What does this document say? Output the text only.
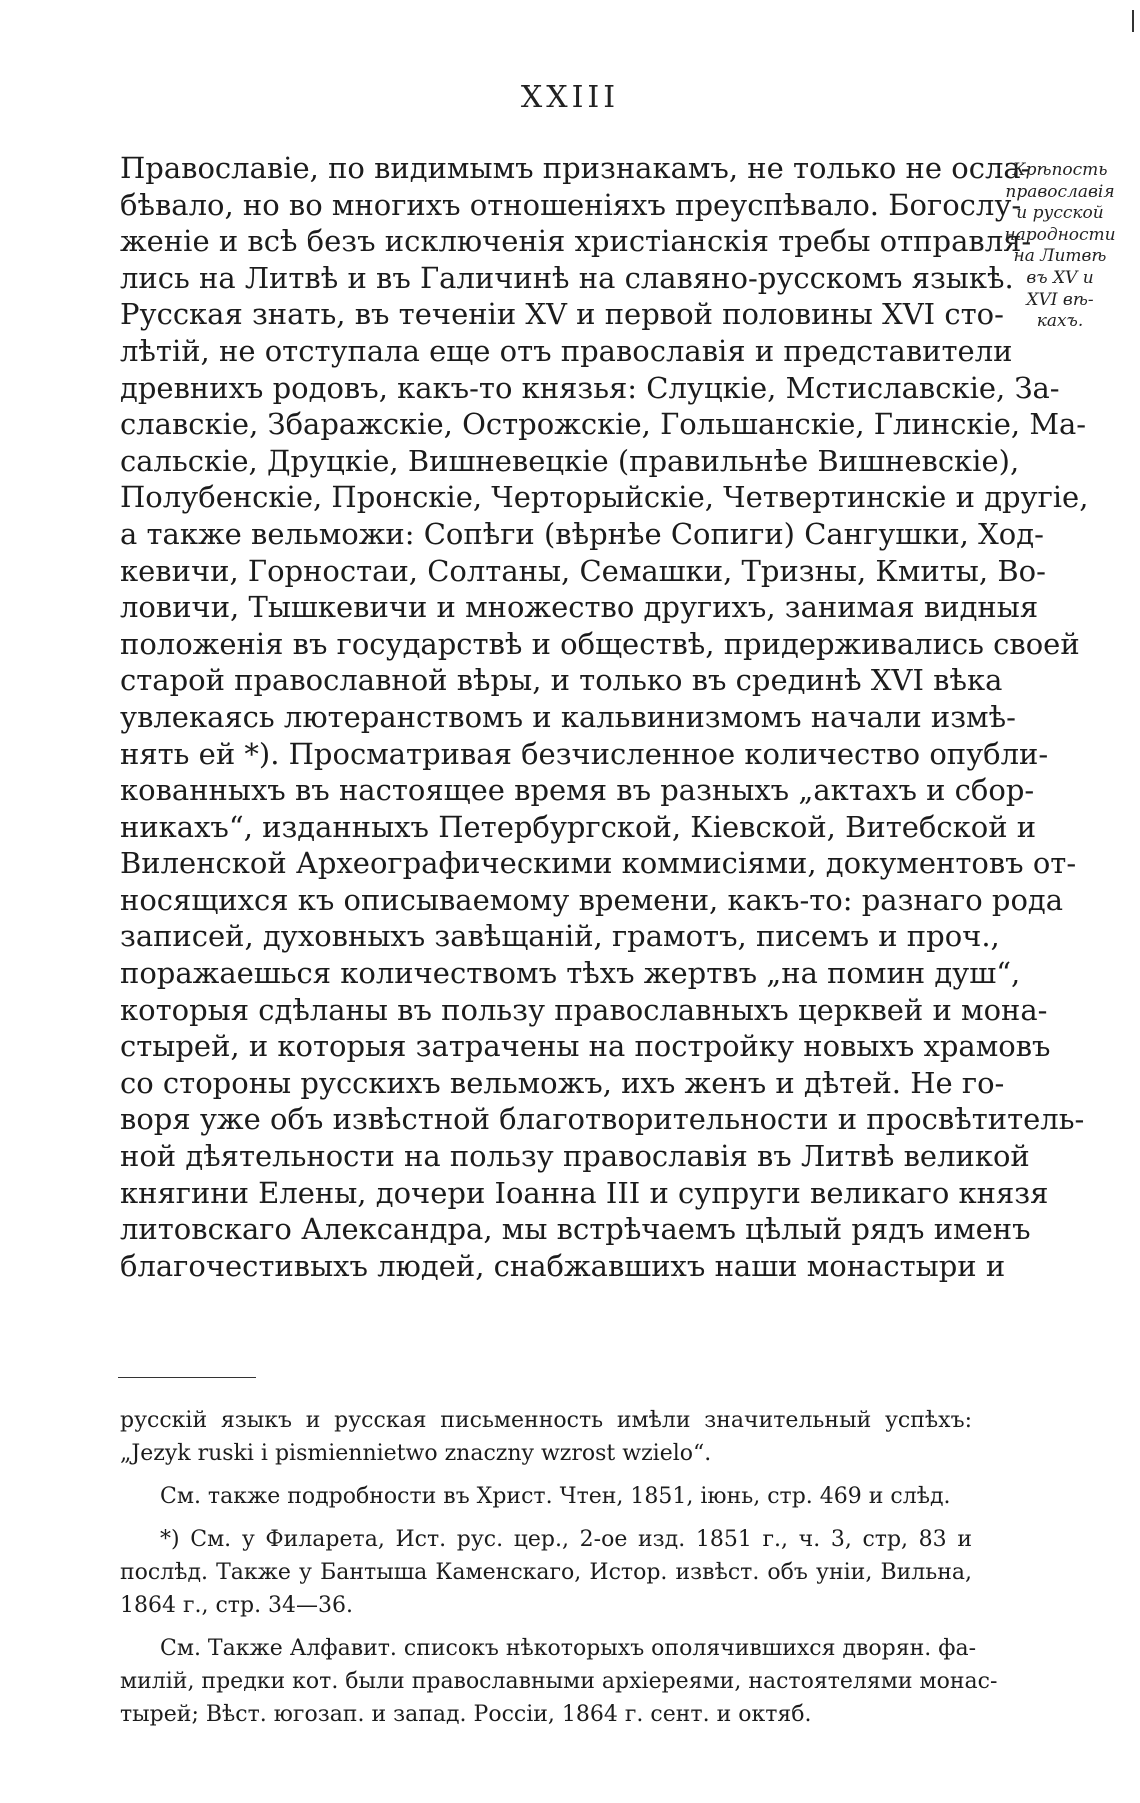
XXIII
Православіе, по видимымъ признакамъ, не только не осла-
бѣвало, но во многихъ отношеніяхъ преуспѣвало. Богослу-
женіе и всѣ безъ исключенія христіанскія требы отправля-
лись на Литвѣ и въ Галичинѣ на славяно-русскомъ языкѣ.
Русская знать, въ теченіи XV и первой половины XVI сто-
лѣтій, не отступала еще отъ православія и представители
древнихъ родовъ, какъ-то князья: Слуцкіе, Мстиславскіе, За-
славскіе, Збаражскіе, Острожскіе, Гольшанскіе, Глинскіе, Ма-
сальскіе, Друцкіе, Вишневецкіе (правильнѣе Вишневскіе),
Полубенскіе, Пронскіе, Черторыйскіе, Четвертинскіе и другіе,
а также вельможи: Сопѣги (вѣрнѣе Сопиги) Сангушки, Ход-
кевичи, Горностаи, Солтаны, Семашки, Тризны, Кмиты, Во-
ловичи, Тышкевичи и множество другихъ, занимая видныя
положенія въ государствѣ и обществѣ, придерживались своей
старой православной вѣры, и только въ срединѣ XVI вѣка
увлекаясь лютеранствомъ и кальвинизмомъ начали измѣ-
нять ей *). Просматривая безчисленное количество опубли-
кованныхъ въ настоящее время въ разныхъ „актахъ и сбор-
никахъ“, изданныхъ Петербургской, Кіевской, Витебской и
Виленской Археографическими коммисіями, документовъ от-
носящихся къ описываемому времени, какъ-то: разнаго рода
записей, духовныхъ завѣщаній, грамотъ, писемъ и проч.,
поражаешься количествомъ тѣхъ жертвъ „на помин душ“,
которыя сдѣланы въ пользу православныхъ церквей и мона-
стырей, и которыя затрачены на постройку новыхъ храмовъ
со стороны русскихъ вельможъ, ихъ женъ и дѣтей. Не го-
воря уже объ извѣстной благотворительности и просвѣтитель-
ной дѣятельности на пользу православія въ Литвѣ великой
княгини Елены, дочери Іоанна III и супруги великаго князя
литовскаго Александра, мы встрѣчаемъ цѣлый рядъ именъ
благочестивыхъ людей, снабжавшихъ наши монастыри и
Крѣпость
православія
и русской
народности
на Литвѣ
въ XV и
XVI вѣ-
кахъ.
русскій языкъ и русская письменность имѣли значительный успѣхъ:
„Jezyk ruski i pismiennietwo znaczny wzrost wzielo“.
См. также подробности въ Христ. Чтен, 1851, іюнь, стр. 469 и слѣд.
*) См. у Филарета, Ист. рус. цер., 2-ое изд. 1851 г., ч. 3, стр, 83 и
послѣд. Также у Бантыша Каменскаго, Истор. извѣст. объ уніи, Вильна,
1864 г., стр. 34—36.
См. Также Алфавит. списокъ нѣкоторыхъ ополячившихся дворян. фа-
милій, предки кот. были православными архіереями, настоятелями монас-
тырей; Вѣст. югозап. и запад. Россіи, 1864 г. сент. и октяб.
